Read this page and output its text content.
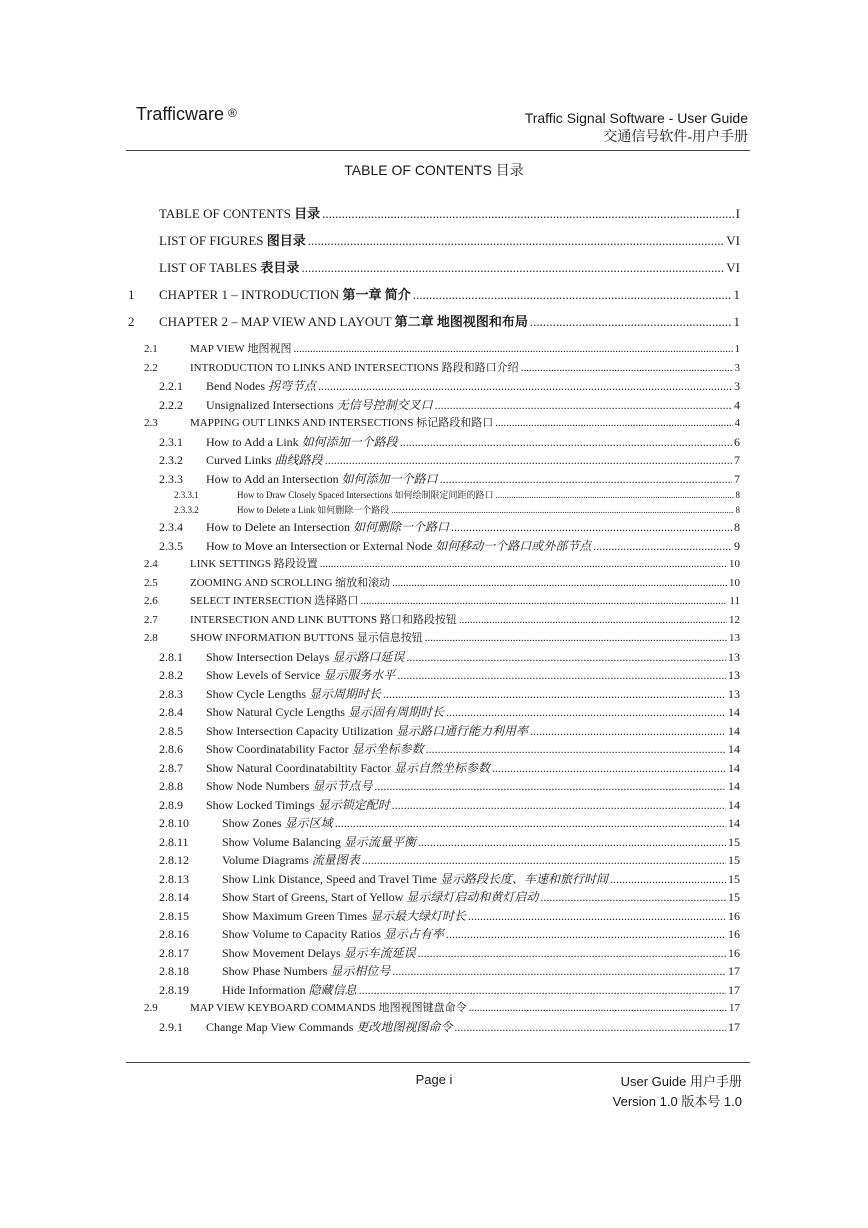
Trafficware ®	Traffic Signal Software - User Guide
交通信号软件-用户手册
TABLE OF CONTENTS 目录
TABLE OF CONTENTS 目录 .....	I
LIST OF FIGURES 图目录 .....	VI
LIST OF TABLES 表目录 .....	VI
1	CHAPTER 1 – INTRODUCTION 第一章 简介 .....	1
2	CHAPTER 2 – MAP VIEW AND LAYOUT 第二章 地图视图和布局 .....	1
2.1	MAP VIEW 地图视图 .....	1
2.2	INTRODUCTION TO LINKS AND INTERSECTIONS 路段和路口介绍 .....	3
2.2.1	Bend Nodes 拐弯节点 .....	3
2.2.2	Unsignalized Intersections 无信号控制交叉口 .....	4
2.3	MAPPING OUT LINKS AND INTERSECTIONS 标记路段和路口 .....	4
2.3.1	How to Add a Link 如何添加一个路段 .....	6
2.3.2	Curved Links 曲线路段 .....	7
2.3.3	How to Add an Intersection 如何添加一个路口 .....	7
2.3.3.1	How to Draw Closely Spaced Intersections 如何绘制限定间距的路口 .....	8
2.3.3.2	How to Delete a Link 如何删除一个路段 .....	8
2.3.4	How to Delete an Intersection 如何删除一个路口 .....	8
2.3.5	How to Move an Intersection or External Node 如何移动一个路口或外部节点 .....	9
2.4	LINK SETTINGS 路段设置 .....	10
2.5	ZOOMING AND SCROLLING 缩放和滚动 .....	10
2.6	SELECT INTERSECTION 选择路口 .....	11
2.7	INTERSECTION AND LINK BUTTONS 路口和路段按钮 .....	12
2.8	SHOW INFORMATION BUTTONS 显示信息按钮 .....	13
2.8.1	Show Intersection Delays 显示路口延误 .....	13
2.8.2	Show Levels of Service 显示服务水平 .....	13
2.8.3	Show Cycle Lengths 显示周期时长 .....	13
2.8.4	Show Natural Cycle Lengths 显示固有周期时长 .....	14
2.8.5	Show Intersection Capacity Utilization 显示路口通行能力利用率 .....	14
2.8.6	Show Coordinatability Factor 显示坐标参数 .....	14
2.8.7	Show Natural Coordinatabiltity Factor 显示自然坐标参数 .....	14
2.8.8	Show Node Numbers 显示节点号 .....	14
2.8.9	Show Locked Timings 显示锁定配时 .....	14
2.8.10	Show Zones 显示区域 .....	14
2.8.11	Show Volume Balancing 显示流量平衡 .....	15
2.8.12	Volume Diagrams 流量图表 .....	15
2.8.13	Show Link Distance, Speed and Travel Time 显示路段长度、车速和旅行时间 .....	15
2.8.14	Show Start of Greens, Start of Yellow 显示绿灯启动和黄灯启动 .....	15
2.8.15	Show Maximum Green Times 显示最大绿灯时长 .....	16
2.8.16	Show Volume to Capacity Ratios 显示占有率 .....	16
2.8.17	Show Movement Delays 显示车流延误 .....	16
2.8.18	Show Phase Numbers 显示相位号 .....	17
2.8.19	Hide Information 隐藏信息 .....	17
2.9	MAP VIEW KEYBOARD COMMANDS 地图视图键盘命令 .....	17
2.9.1	Change Map View Commands 更改地图视图命令 .....	17
Page i	User Guide 用户手册
Version 1.0 版本号 1.0
